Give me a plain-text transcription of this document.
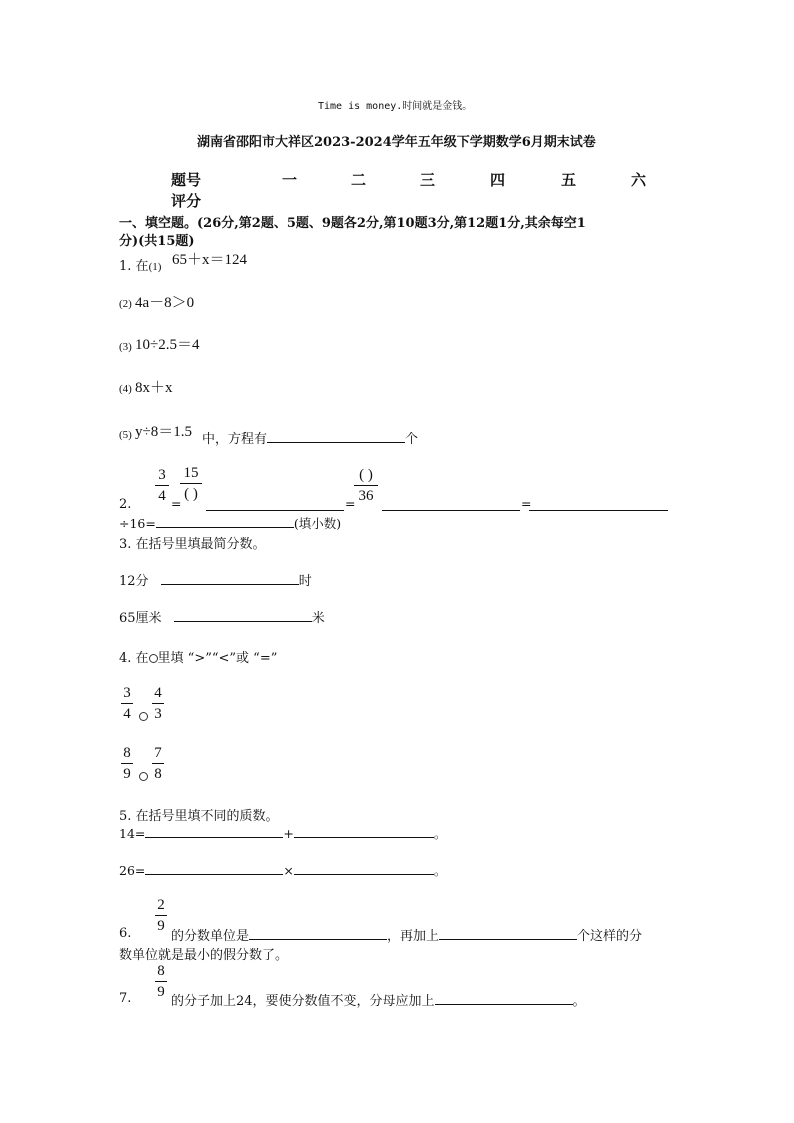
Time is money.时间就是金钱。
湖南省邵阳市大祥区2023-2024学年五年级下学期数学6月期末试卷
题号	一	二	三	四	五	六
评分
一、填空题。(26分,第2题、5题、9题各2分,第10题3分,第12题1分,其余每空1
分)(共15题)
1. 在(1) 65＋x＝124
(2) 4a－8＞0
(3) 10÷2.5＝4
(4) 8x＋x
(5) y÷8＝1.5 中，方程有	个
2.
3
4 =
15
( )
=
( )
36	=
÷16=	(填小数)
3. 在括号里填最简分数。
12分	时
65厘米	米
4. 在 里填 “>”“<”或 “=”
3
4
4
3
8
9
7
8
5. 在括号里填不同的质数。
14=	+	。
26=	×	。
6.
2
9
的分数单位是	，再加上	个这样的分
数单位就是最小的假分数了。
7.
8
9
的分子加上24，要使分数值不变，分母应加上	。
